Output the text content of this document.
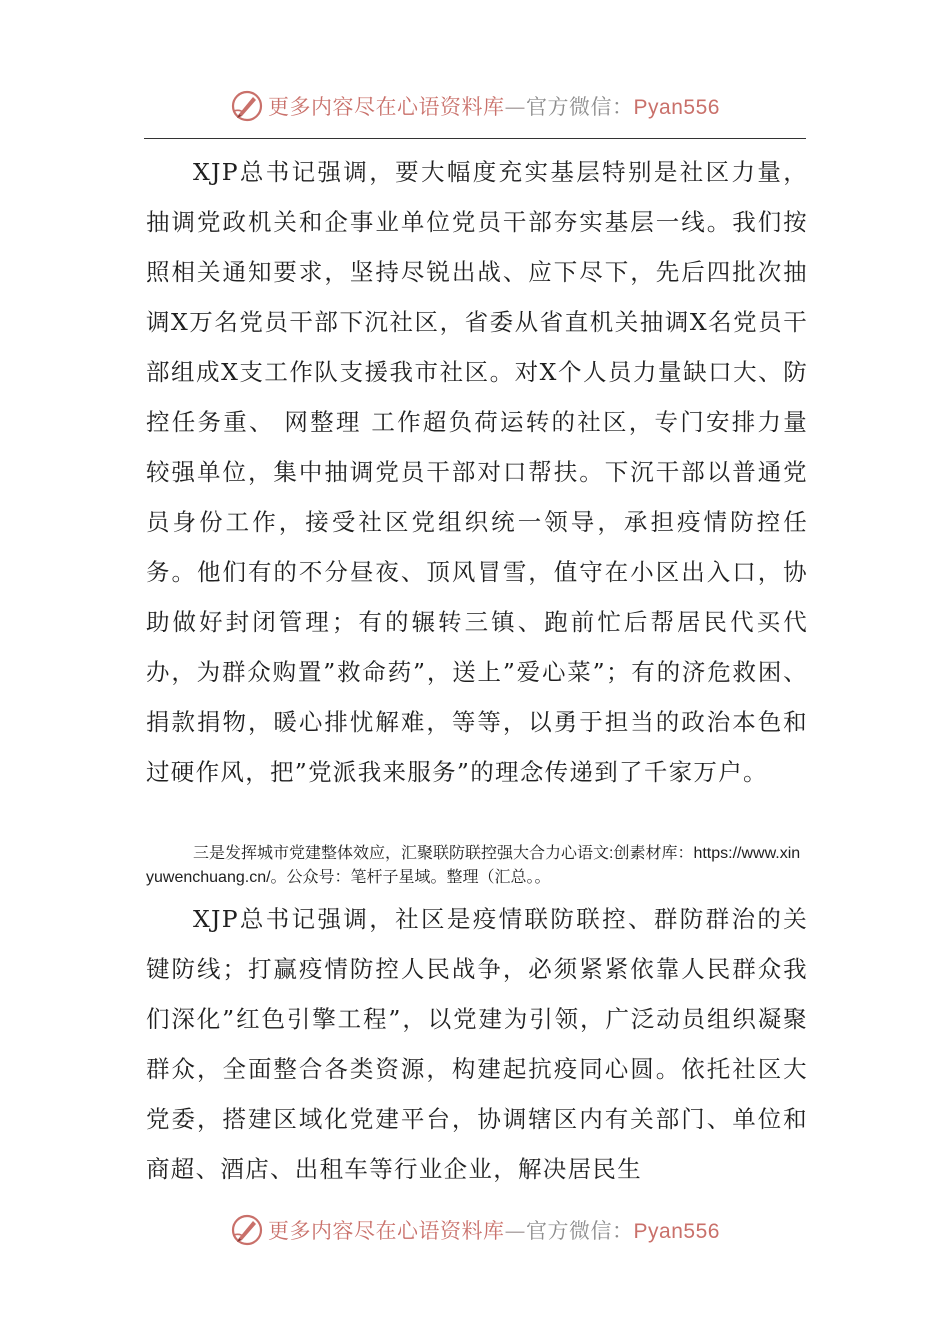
更多内容尽在心语资料库—官方微信：Pyan556

XJP总书记强调，要大幅度充实基层特别是社区力量，抽调党政机关和企事业单位党员干部夯实基层一线。我们按照相关通知要求，坚持尽锐出战、应下尽下，先后四批次抽调X万名党员干部下沉社区，省委从省直机关抽调X名党员干部组成X支工作队支援我市社区。对X个人员力量缺口大、防控任务重、 网整理 工作超负荷运转的社区，专门安排力量较强单位，集中抽调党员干部对口帮扶。下沉干部以普通党员身份工作，接受社区党组织统一领导，承担疫情防控任务。他们有的不分昼夜、顶风冒雪，值守在小区出入口，协助做好封闭管理；有的辗转三镇、跑前忙后帮居民代买代办，为群众购置”救命药”，送上”爱心菜”；有的济危救困、捐款捐物，暖心排忧解难，等等，以勇于担当的政治本色和过硬作风，把”党派我来服务”的理念传递到了千家万户。

三是发挥城市党建整体效应，汇聚联防联控强大合力心语文:创素材库：https://www.xinyuwenchuang.cn/。公众号：笔杆子星域。整理（汇总。。

XJP总书记强调，社区是疫情联防联控、群防群治的关键防线；打赢疫情防控人民战争，必须紧紧依靠人民群众我们深化”红色引擎工程”，以党建为引领，广泛动员组织凝聚群众，全面整合各类资源，构建起抗疫同心圆。依托社区大党委，搭建区域化党建平台，协调辖区内有关部门、单位和商超、酒店、出租车等行业企业，解决居民生

更多内容尽在心语资料库—官方微信：Pyan556
